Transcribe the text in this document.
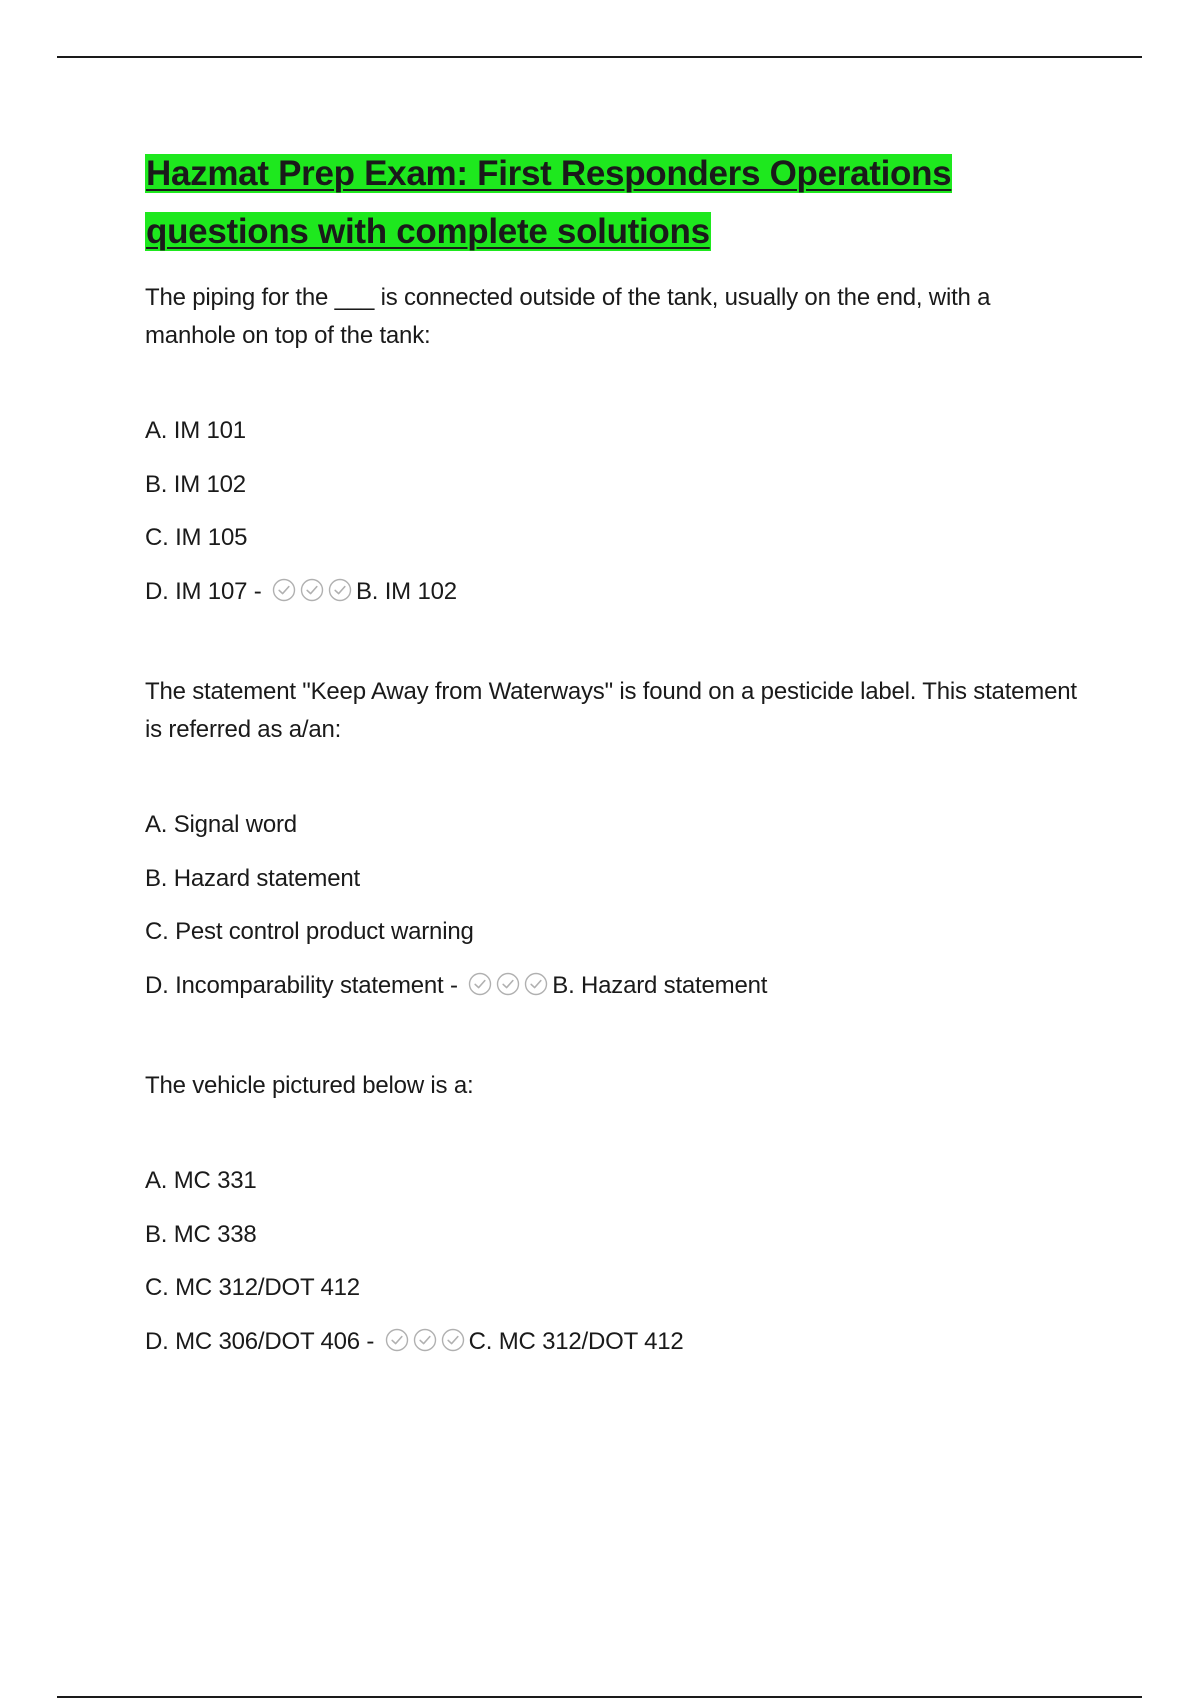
Hazmat Prep Exam: First Responders Operations questions with complete solutions

The piping for the ___ is connected outside of the tank, usually on the end, with a manhole on top of the tank:

A. IM 101
B. IM 102
C. IM 105
D. IM 107 -	B. IM 102

The statement "Keep Away from Waterways" is found on a pesticide label. This statement is referred as a/an:

A. Signal word
B. Hazard statement
C. Pest control product warning
D. Incomparability statement -	B. Hazard statement

The vehicle pictured below is a:

A. MC 331
B. MC 338
C. MC 312/DOT 412
D. MC 306/DOT 406 -	C. MC 312/DOT 412
